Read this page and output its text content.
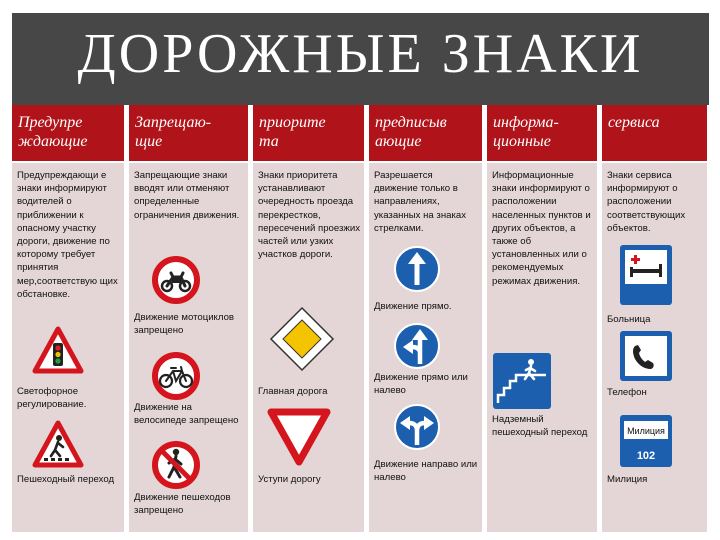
ДОРОЖНЫЕ ЗНАКИ
Предупре
ждающие
Предупреждающи е знаки информируют водителей о приближении к опасному участку дороги, движение по которому требует принятия мер,соответствую щих обстановке.
Светофорное регулирование.
Пешеходный переход
Запрещаю-
щие
Запрещающие знаки вводят или отменяют определенные ограничения движения.
Движение мотоциклов запрещено
Движение на велосипеде запрещено
Движение пешеходов запрещено
приорите
та
Знаки приоритета устанавливают очередность проезда перекрестков, пересечений проезжих частей или узких участков дороги.
Главная дорога
Уступи дорогу
предписыв
ающие
Разрешается движение только в направлениях, указанных на знаках стрелками.
Движение прямо.
Движение прямо или налево
Движение направо или налево
информа-
ционные
Информационные знаки информируют о расположении населенных пунктов и других объектов, а также об установленных или о рекомендуемых режимах движения.
Надземный пешеходный переход
сервиса
Знаки сервиса информируют о расположении соответствующих объектов.
Больница
Телефон
Милиция
102
Милиция
